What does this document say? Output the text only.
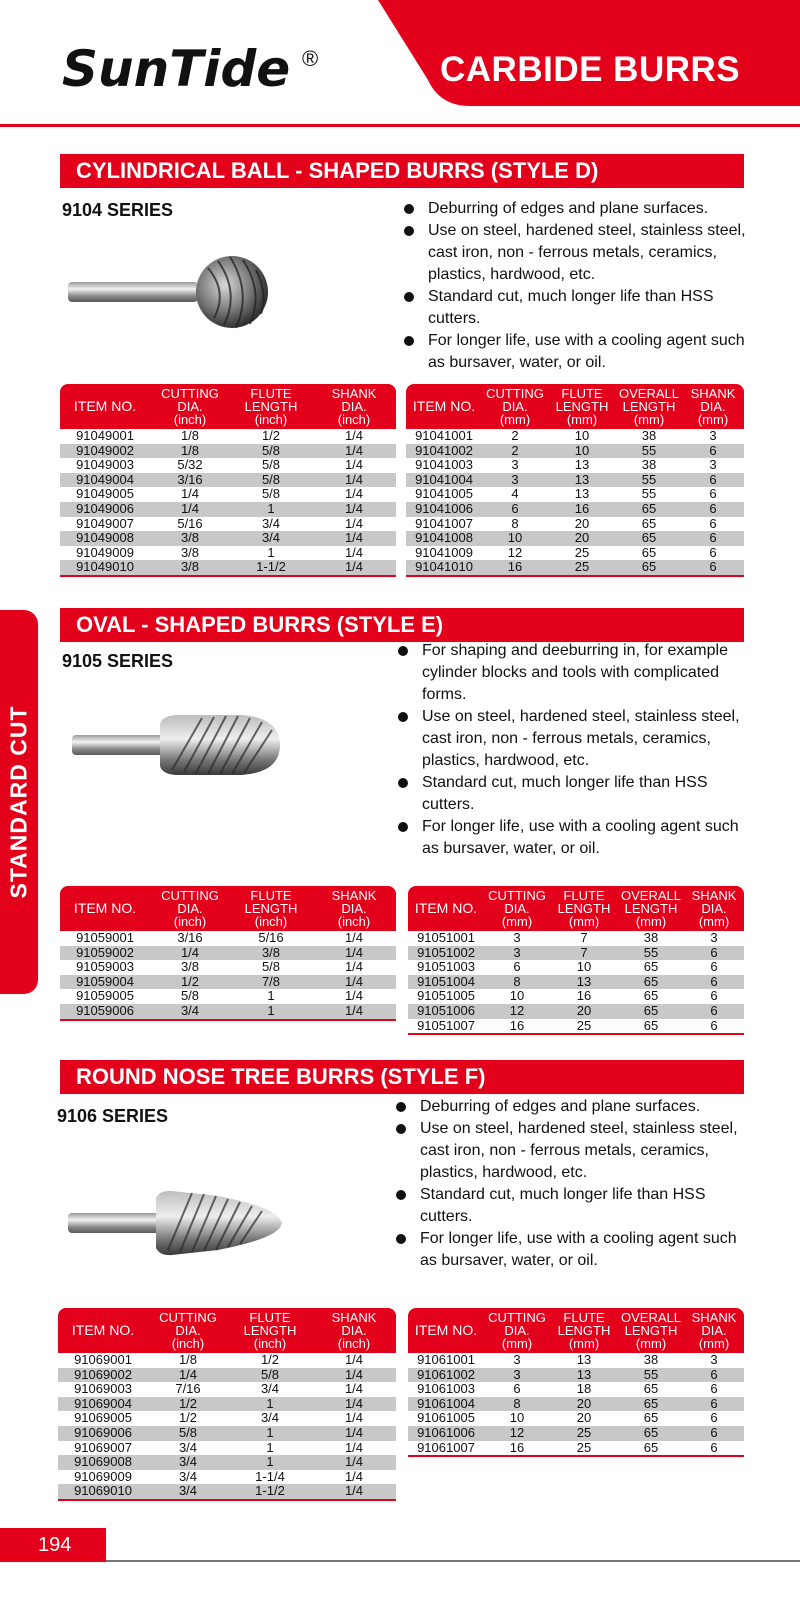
CARBIDE BURRS
SunTide ®
STANDARD CUT
CYLINDRICAL BALL - SHAPED BURRS (STYLE D)
9104 SERIES	Deburring of edges and plane surfaces.
Use on steel, hardened steel, stainless steel, cast iron, non - ferrous metals, ceramics, plastics, hardwood, etc.
Standard cut, much longer life than HSS cutters.
For longer life, use with a cooling agent such as bursaver, water, or oil.
ITEM NO.	CUTTING
DIA.
(inch)	FLUTE
LENGTH
(inch)	SHANK
DIA.
(inch)
91049001	1/8	1/2	1/4
91049002	1/8	5/8	1/4
91049003	5/32	5/8	1/4
91049004	3/16	5/8	1/4
91049005	1/4	5/8	1/4
91049006	1/4	1	1/4
91049007	5/16	3/4	1/4
91049008	3/8	3/4	1/4
91049009	3/8	1	1/4
91049010	3/8	1-1/2	1/4
ITEM NO.	CUTTING
DIA.
(mm)	FLUTE
LENGTH
(mm)	OVERALL
LENGTH
(mm)	SHANK
DIA.
(mm)
91041001	2	10	38	3
91041002	2	10	55	6
91041003	3	13	38	3
91041004	3	13	55	6
91041005	4	13	55	6
91041006	6	16	65	6
91041007	8	20	65	6
91041008	10	20	65	6
91041009	12	25	65	6
91041010	16	25	65	6
OVAL - SHAPED BURRS (STYLE E)
9105 SERIES
For shaping and deeburring in, for example cylinder blocks and tools with complicated forms.
Use on steel, hardened steel, stainless steel, cast iron, non - ferrous metals, ceramics, plastics, hardwood, etc.
Standard cut, much longer life than HSS cutters.
For longer life, use with a cooling agent such as bursaver, water, or oil.
ITEM NO.	CUTTING
DIA.
(inch)	FLUTE
LENGTH
(inch)	SHANK
DIA.
(inch)
91059001	3/16	5/16	1/4
91059002	1/4	3/8	1/4
91059003	3/8	5/8	1/4
91059004	1/2	7/8	1/4
91059005	5/8	1	1/4
91059006	3/4	1	1/4
ITEM NO.	CUTTING
DIA.
(mm)	FLUTE
LENGTH
(mm)	OVERALL
LENGTH
(mm)	SHANK
DIA.
(mm)
91051001	3	7	38	3
91051002	3	7	55	6
91051003	6	10	65	6
91051004	8	13	65	6
91051005	10	16	65	6
91051006	12	20	65	6
91051007	16	25	65	6
ROUND NOSE TREE BURRS (STYLE F)
9106 SERIES	Deburring of edges and plane surfaces.
Use on steel, hardened steel, stainless steel, cast iron, non - ferrous metals, ceramics, plastics, hardwood, etc.
Standard cut, much longer life than HSS cutters.
For longer life, use with a cooling agent such as bursaver, water, or oil.
ITEM NO.	CUTTING
DIA.
(inch)	FLUTE
LENGTH
(inch)	SHANK
DIA.
(inch)
91069001	1/8	1/2	1/4
91069002	1/4	5/8	1/4
91069003	7/16	3/4	1/4
91069004	1/2	1	1/4
91069005	1/2	3/4	1/4
91069006	5/8	1	1/4
91069007	3/4	1	1/4
91069008	3/4	1	1/4
91069009	3/4	1-1/4	1/4
91069010	3/4	1-1/2	1/4
ITEM NO.	CUTTING
DIA.
(mm)	FLUTE
LENGTH
(mm)	OVERALL
LENGTH
(mm)	SHANK
DIA.
(mm)
91061001	3	13	38	3
91061002	3	13	55	6
91061003	6	18	65	6
91061004	8	20	65	6
91061005	10	20	65	6
91061006	12	25	65	6
91061007	16	25	65	6
194
